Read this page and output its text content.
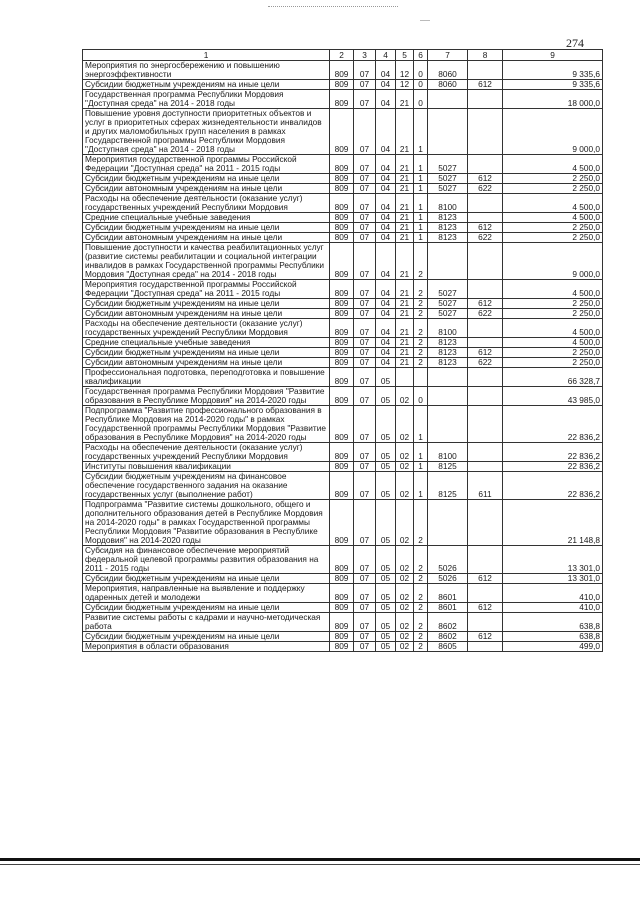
274
1	2	3	4	5	6	7	8	9
Мероприятия по энергосбережению и повышению энергоэффективности	809	07	04	12	0	8060		9 335,6
Субсидии бюджетным учреждениям на иные цели	809	07	04	12	0	8060	612	9 335,6
Государственная программа Республики Мордовия "Доступная среда" на 2014 - 2018 годы	809	07	04	21	0			18 000,0
Повышение уровня доступности приоритетных объектов и услуг в приоритетных сферах жизнедеятельности инвалидов и других маломобильных групп населения в рамках Государственной программы Республики Мордовия "Доступная среда" на 2014 - 2018 годы	809	07	04	21	1			9 000,0
Мероприятия государственной программы Российской Федерации "Доступная среда" на 2011 - 2015 годы	809	07	04	21	1	5027		4 500,0
Субсидии бюджетным учреждениям на иные цели	809	07	04	21	1	5027	612	2 250,0
Субсидии автономным учреждениям на иные цели	809	07	04	21	1	5027	622	2 250,0
Расходы на обеспечение деятельности (оказание услуг) государственных учреждений Республики Мордовия	809	07	04	21	1	8100		4 500,0
Средние специальные учебные заведения	809	07	04	21	1	8123		4 500,0
Субсидии бюджетным учреждениям на иные цели	809	07	04	21	1	8123	612	2 250,0
Субсидии автономным учреждениям на иные цели	809	07	04	21	1	8123	622	2 250,0
Повышение доступности и качества реабилитационных услуг (развитие системы реабилитации и социальной интеграции инвалидов в рамках Государственной программы Республики Мордовия "Доступная среда" на 2014 - 2018 годы	809	07	04	21	2			9 000,0
Мероприятия государственной программы Российской Федерации "Доступная среда" на 2011 - 2015 годы	809	07	04	21	2	5027		4 500,0
Субсидии бюджетным учреждениям на иные цели	809	07	04	21	2	5027	612	2 250,0
Субсидии автономным учреждениям на иные цели	809	07	04	21	2	5027	622	2 250,0
Расходы на обеспечение деятельности (оказание услуг) государственных учреждений Республики Мордовия	809	07	04	21	2	8100		4 500,0
Средние специальные учебные заведения	809	07	04	21	2	8123		4 500,0
Субсидии бюджетным учреждениям на иные цели	809	07	04	21	2	8123	612	2 250,0
Субсидии автономным учреждениям на иные цели	809	07	04	21	2	8123	622	2 250,0
Профессиональная подготовка, переподготовка и повышение квалификации	809	07	05					66 328,7
Государственная программа Республики Мордовия "Развитие образования в Республике Мордовия" на 2014-2020 годы	809	07	05	02	0			43 985,0
Подпрограмма "Развитие профессионального образования в Республике Мордовия на 2014-2020 годы" в рамках Государственной программы Республики Мордовия "Развитие образования в Республике Мордовия" на 2014-2020 годы	809	07	05	02	1			22 836,2
Расходы на обеспечение деятельности (оказание услуг) государственных учреждений Республики Мордовия	809	07	05	02	1	8100		22 836,2
Институты повышения квалификации	809	07	05	02	1	8125		22 836,2
Субсидии бюджетным учреждениям на финансовое обеспечение государственного задания на оказание государственных услуг (выполнение работ)	809	07	05	02	1	8125	611	22 836,2
Подпрограмма "Развитие системы дошкольного, общего и дополнительного образования детей в Республике Мордовия на 2014-2020 годы" в рамках Государственной программы Республики Мордовия "Развитие образования в Республике Мордовия" на 2014-2020 годы	809	07	05	02	2			21 148,8
Субсидия на финансовое обеспечение мероприятий федеральной целевой программы развития образования на 2011 - 2015 годы	809	07	05	02	2	5026		13 301,0
Субсидии бюджетным учреждениям на иные цели	809	07	05	02	2	5026	612	13 301,0
Мероприятия, направленные на выявление и поддержку одаренных детей и молодежи	809	07	05	02	2	8601		410,0
Субсидии бюджетным учреждениям на иные цели	809	07	05	02	2	8601	612	410,0
Развитие системы работы с кадрами и научно-методическая работа	809	07	05	02	2	8602		638,8
Субсидии бюджетным учреждениям на иные цели	809	07	05	02	2	8602	612	638,8
Мероприятия в области образования	809	07	05	02	2	8605		499,0
